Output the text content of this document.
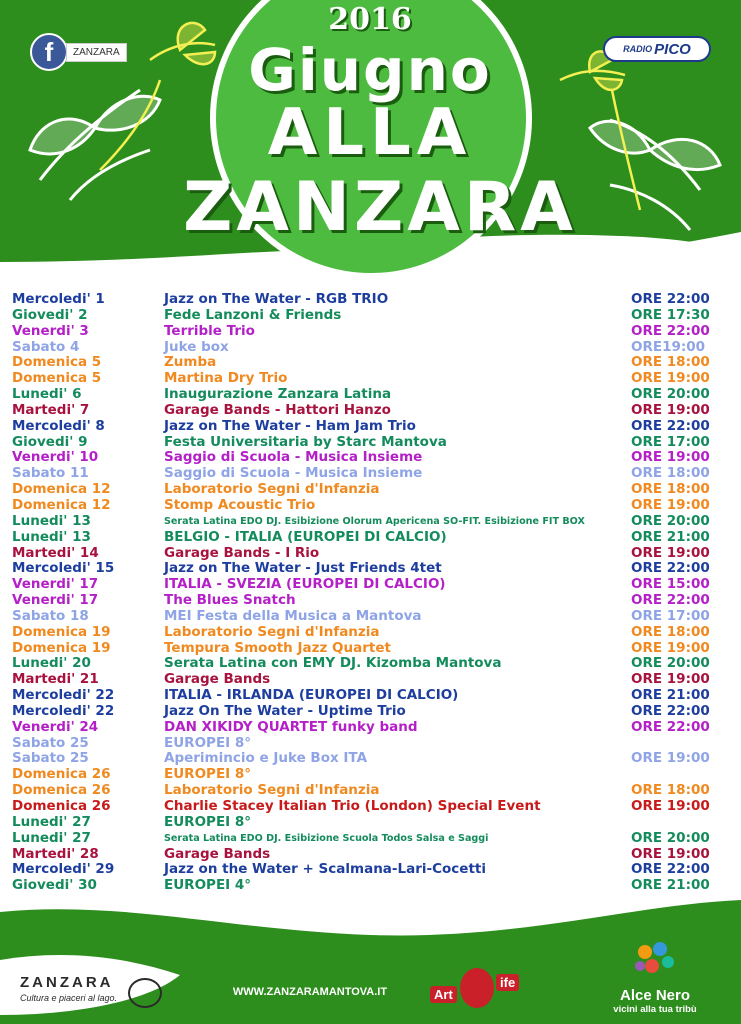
f	ZANZARA	RADIO PICO
2016
Giugno
ALLA
ZANZARA
Mercoledi' 1	Jazz on The Water - RGB TRIO	ORE 22:00
Giovedi' 2	Fede Lanzoni & Friends	ORE 17:30
Venerdi' 3	Terrible Trio	ORE 22:00
Sabato 4	Juke box	ORE19:00
Domenica 5	Zumba	ORE 18:00
Domenica 5	Martina Dry Trio	ORE 19:00
Lunedi' 6	Inaugurazione Zanzara Latina	ORE 20:00
Martedi' 7	Garage Bands - Hattori Hanzo	ORE 19:00
Mercoledi' 8	Jazz on The Water - Ham Jam Trio	ORE 22:00
Giovedi' 9	Festa Universitaria by Starc Mantova	ORE 17:00
Venerdi' 10	Saggio di Scuola - Musica Insieme	ORE 19:00
Sabato 11	Saggio di Scuola - Musica Insieme	ORE 18:00
Domenica 12	Laboratorio Segni d'Infanzia	ORE 18:00
Domenica 12	Stomp Acoustic Trio	ORE 19:00
Lunedi' 13	Serata Latina EDO DJ. Esibizione Olorum Apericena SO-FIT. Esibizione FIT BOX	ORE 20:00
Lunedi' 13	BELGIO - ITALIA (EUROPEI DI CALCIO)	ORE 21:00
Martedi' 14	Garage Bands - I Rio	ORE 19:00
Mercoledi' 15	Jazz on The Water - Just Friends 4tet	ORE 22:00
Venerdi' 17	ITALIA - SVEZIA (EUROPEI DI CALCIO)	ORE 15:00
Venerdi' 17	The Blues Snatch	ORE 22:00
Sabato 18	MEI Festa della Musica a Mantova	ORE 17:00
Domenica 19	Laboratorio Segni d'Infanzia	ORE 18:00
Domenica 19	Tempura Smooth Jazz Quartet	ORE 19:00
Lunedi' 20	Serata Latina con EMY DJ. Kizomba Mantova	ORE 20:00
Martedi' 21	Garage Bands	ORE 19:00
Mercoledi' 22	ITALIA - IRLANDA (EUROPEI DI CALCIO)	ORE 21:00
Mercoledi' 22	Jazz On The Water - Uptime Trio	ORE 22:00
Venerdi' 24	DAN XIKIDY QUARTET funky band	ORE 22:00
Sabato 25	EUROPEI 8°
Sabato 25	Aperimincio e Juke Box ITA	ORE 19:00
Domenica 26	EUROPEI 8°
Domenica 26	Laboratorio Segni d'Infanzia	ORE 18:00
Domenica 26	Charlie Stacey Italian Trio (London) Special Event	ORE 19:00
Lunedi' 27	EUROPEI 8°
Lunedi' 27	Serata Latina EDO DJ. Esibizione Scuola Todos Salsa e Saggi	ORE 20:00
Martedi' 28	Garage Bands	ORE 19:00
Mercoledi' 29	Jazz on the Water + Scalmana-Lari-Cocetti	ORE 22:00
Giovedi' 30	EUROPEI 4°	ORE 21:00
ZANZARA
Cultura e piaceri al lago.	WWW.ZANZARAMANTOVA.IT	Art
ife
Alce Nero
vicini alla tua tribù
